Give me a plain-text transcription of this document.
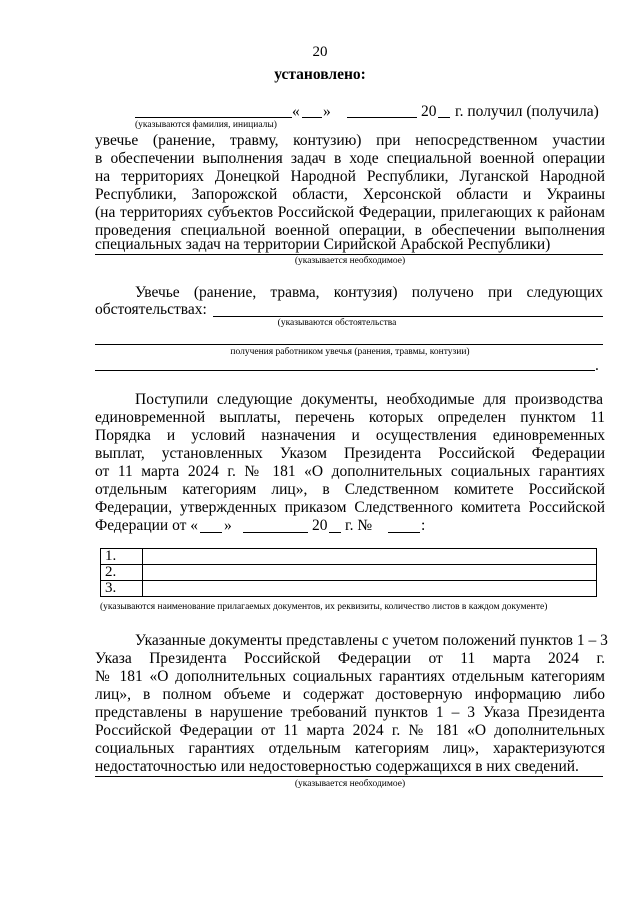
20
установлено:
« »	20 г. получил (получила)
(указываются фамилия, инициалы)
увечье (ранение, травму, контузию) при непосредственном участии
в обеспечении выполнения задач в ходе специальной военной операции
на территориях Донецкой Народной Республики, Луганской Народной
Республики, Запорожской области, Херсонской области и Украины
(на территориях субъектов Российской Федерации, прилегающих к районам
проведения специальной военной операции, в обеспечении выполнения
специальных задач на территории Сирийской Арабской Республики)
(указывается необходимое)
Увечье (ранение, травма, контузия) получено при следующих
обстоятельствах:
(указываются обстоятельства
получения работником увечья (ранения, травмы, контузии)
.
Поступили следующие документы, необходимые для производства
единовременной выплаты, перечень которых определен пунктом 11
Порядка и условий назначения и осуществления единовременных
выплат, установленных Указом Президента Российской Федерации
от 11 марта 2024 г. № 181 «О дополнительных социальных гарантиях
отдельным категориям лиц», в Следственном комитете Российской
Федерации, утвержденных приказом Следственного комитета Российской
Федерации от « »	20 г. №	:
1.	
2.	
3.	
(указываются наименование прилагаемых документов, их реквизиты, количество листов в каждом документе)
Указанные документы представлены с учетом положений пунктов 1 – 3
Указа Президента Российской Федерации от 11 марта 2024 г.
№ 181 «О дополнительных социальных гарантиях отдельным категориям
лиц», в полном объеме и содержат достоверную информацию либо
представлены в нарушение требований пунктов 1 – 3 Указа Президента
Российской Федерации от 11 марта 2024 г. № 181 «О дополнительных
социальных гарантиях отдельным категориям лиц», характеризуются
недостаточностью или недостоверностью содержащихся в них сведений.
(указывается необходимое)
